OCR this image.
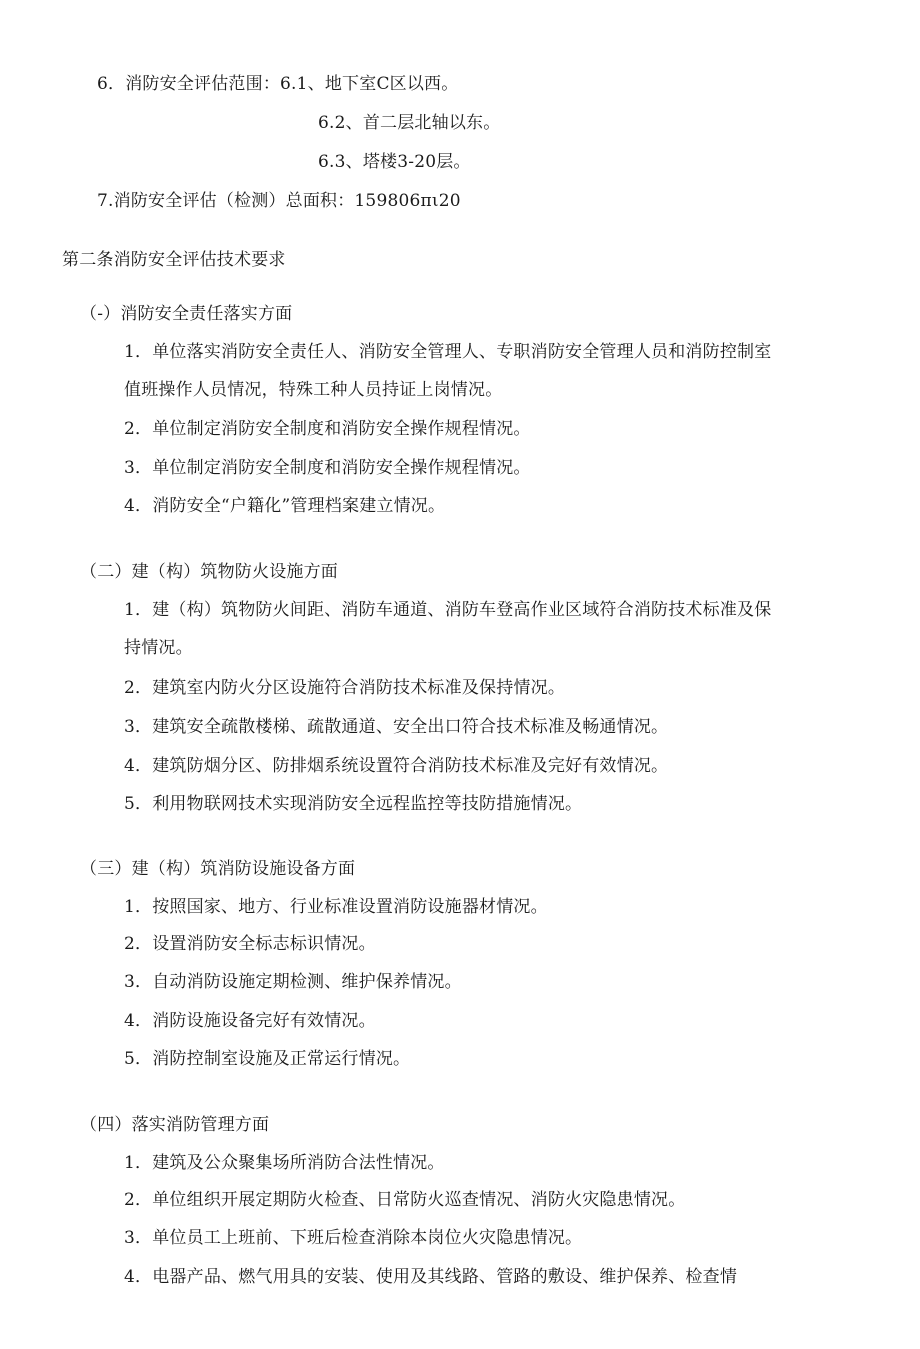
6．消防安全评估范围：6.1、地下室C区以西。
6.2、首二层北轴以东。
6.3、塔楼3-20层。
7.消防安全评估（检测）总面积：159806πι20
第二条消防安全评估技术要求
（-）消防安全责任落实方面
1．单位落实消防安全责任人、消防安全管理人、专职消防安全管理人员和消防控制室
值班操作人员情况，特殊工种人员持证上岗情况。
2．单位制定消防安全制度和消防安全操作规程情况。
3．单位制定消防安全制度和消防安全操作规程情况。
4．消防安全“户籍化”管理档案建立情况。
（二）建（构）筑物防火设施方面
1．建（构）筑物防火间距、消防车通道、消防车登高作业区域符合消防技术标准及保
持情况。
2．建筑室内防火分区设施符合消防技术标准及保持情况。
3．建筑安全疏散楼梯、疏散通道、安全出口符合技术标准及畅通情况。
4．建筑防烟分区、防排烟系统设置符合消防技术标准及完好有效情况。
5．利用物联网技术实现消防安全远程监控等技防措施情况。
（三）建（构）筑消防设施设备方面
1．按照国家、地方、行业标准设置消防设施器材情况。
2．设置消防安全标志标识情况。
3．自动消防设施定期检测、维护保养情况。
4．消防设施设备完好有效情况。
5．消防控制室设施及正常运行情况。
（四）落实消防管理方面
1．建筑及公众聚集场所消防合法性情况。
2．单位组织开展定期防火检查、日常防火巡查情况、消防火灾隐患情况。
3．单位员工上班前、下班后检查消除本岗位火灾隐患情况。
4．电器产品、燃气用具的安装、使用及其线路、管路的敷设、维护保养、检查情
